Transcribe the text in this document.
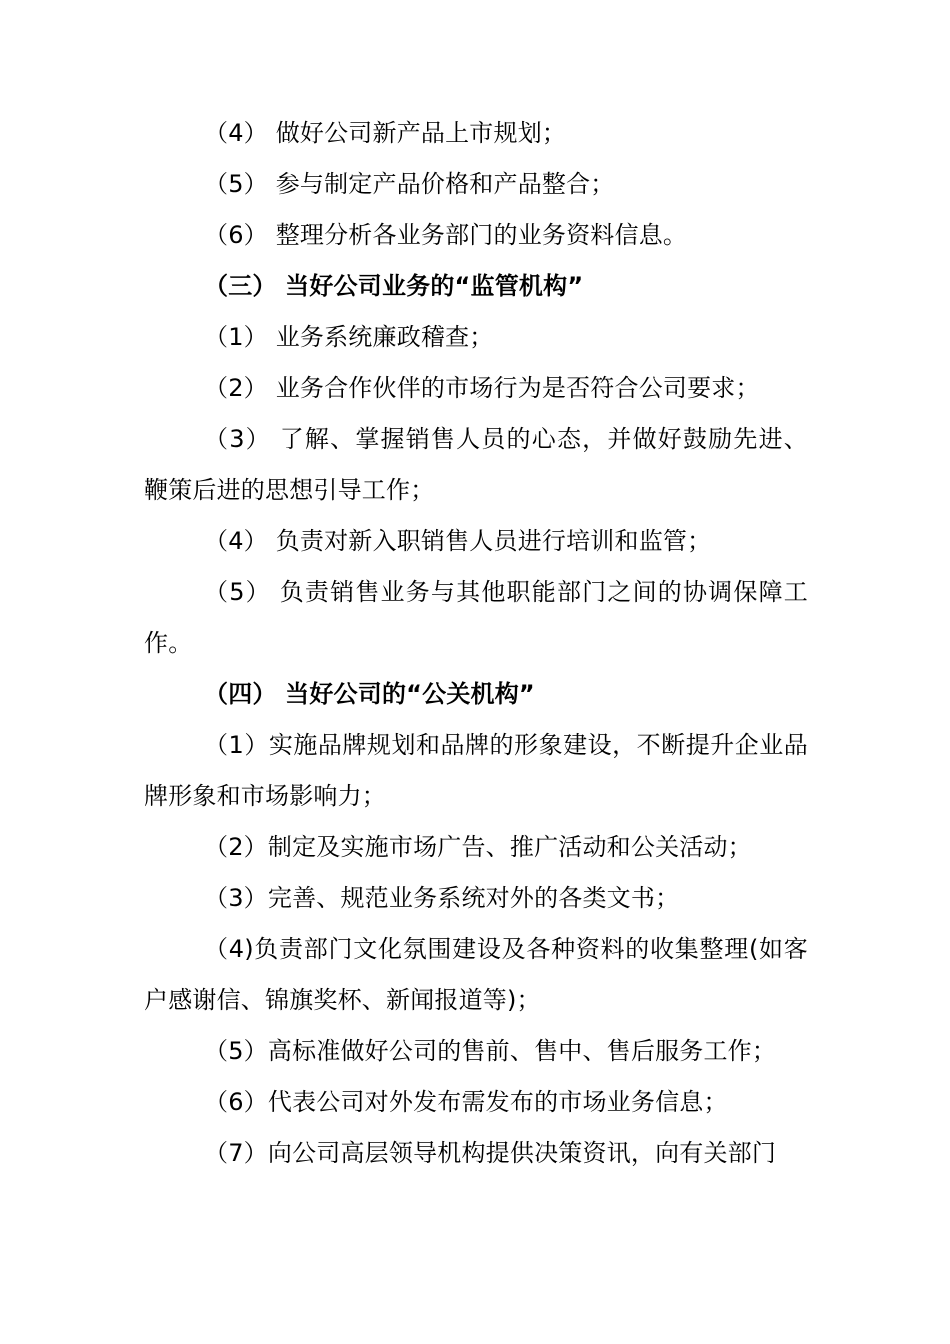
（4） 做好公司新产品上市规划；

（5） 参与制定产品价格和产品整合；

（6） 整理分析各业务部门的业务资料信息。

（三） 当好公司业务的“监管机构”

（1） 业务系统廉政稽查；

（2） 业务合作伙伴的市场行为是否符合公司要求；

（3） 了解、掌握销售人员的心态，并做好鼓励先进、鞭策后进的思想引导工作；

（4） 负责对新入职销售人员进行培训和监管；

（5） 负责销售业务与其他职能部门之间的协调保障工作。

（四） 当好公司的“公关机构”

（1）实施品牌规划和品牌的形象建设，不断提升企业品牌形象和市场影响力；

（2）制定及实施市场广告、推广活动和公关活动；

（3）完善、规范业务系统对外的各类文书；

（4)负责部门文化氛围建设及各种资料的收集整理(如客户感谢信、锦旗奖杯、新闻报道等)；

（5）高标准做好公司的售前、售中、售后服务工作；

（6）代表公司对外发布需发布的市场业务信息；

（7）向公司高层领导机构提供决策资讯，向有关部门
